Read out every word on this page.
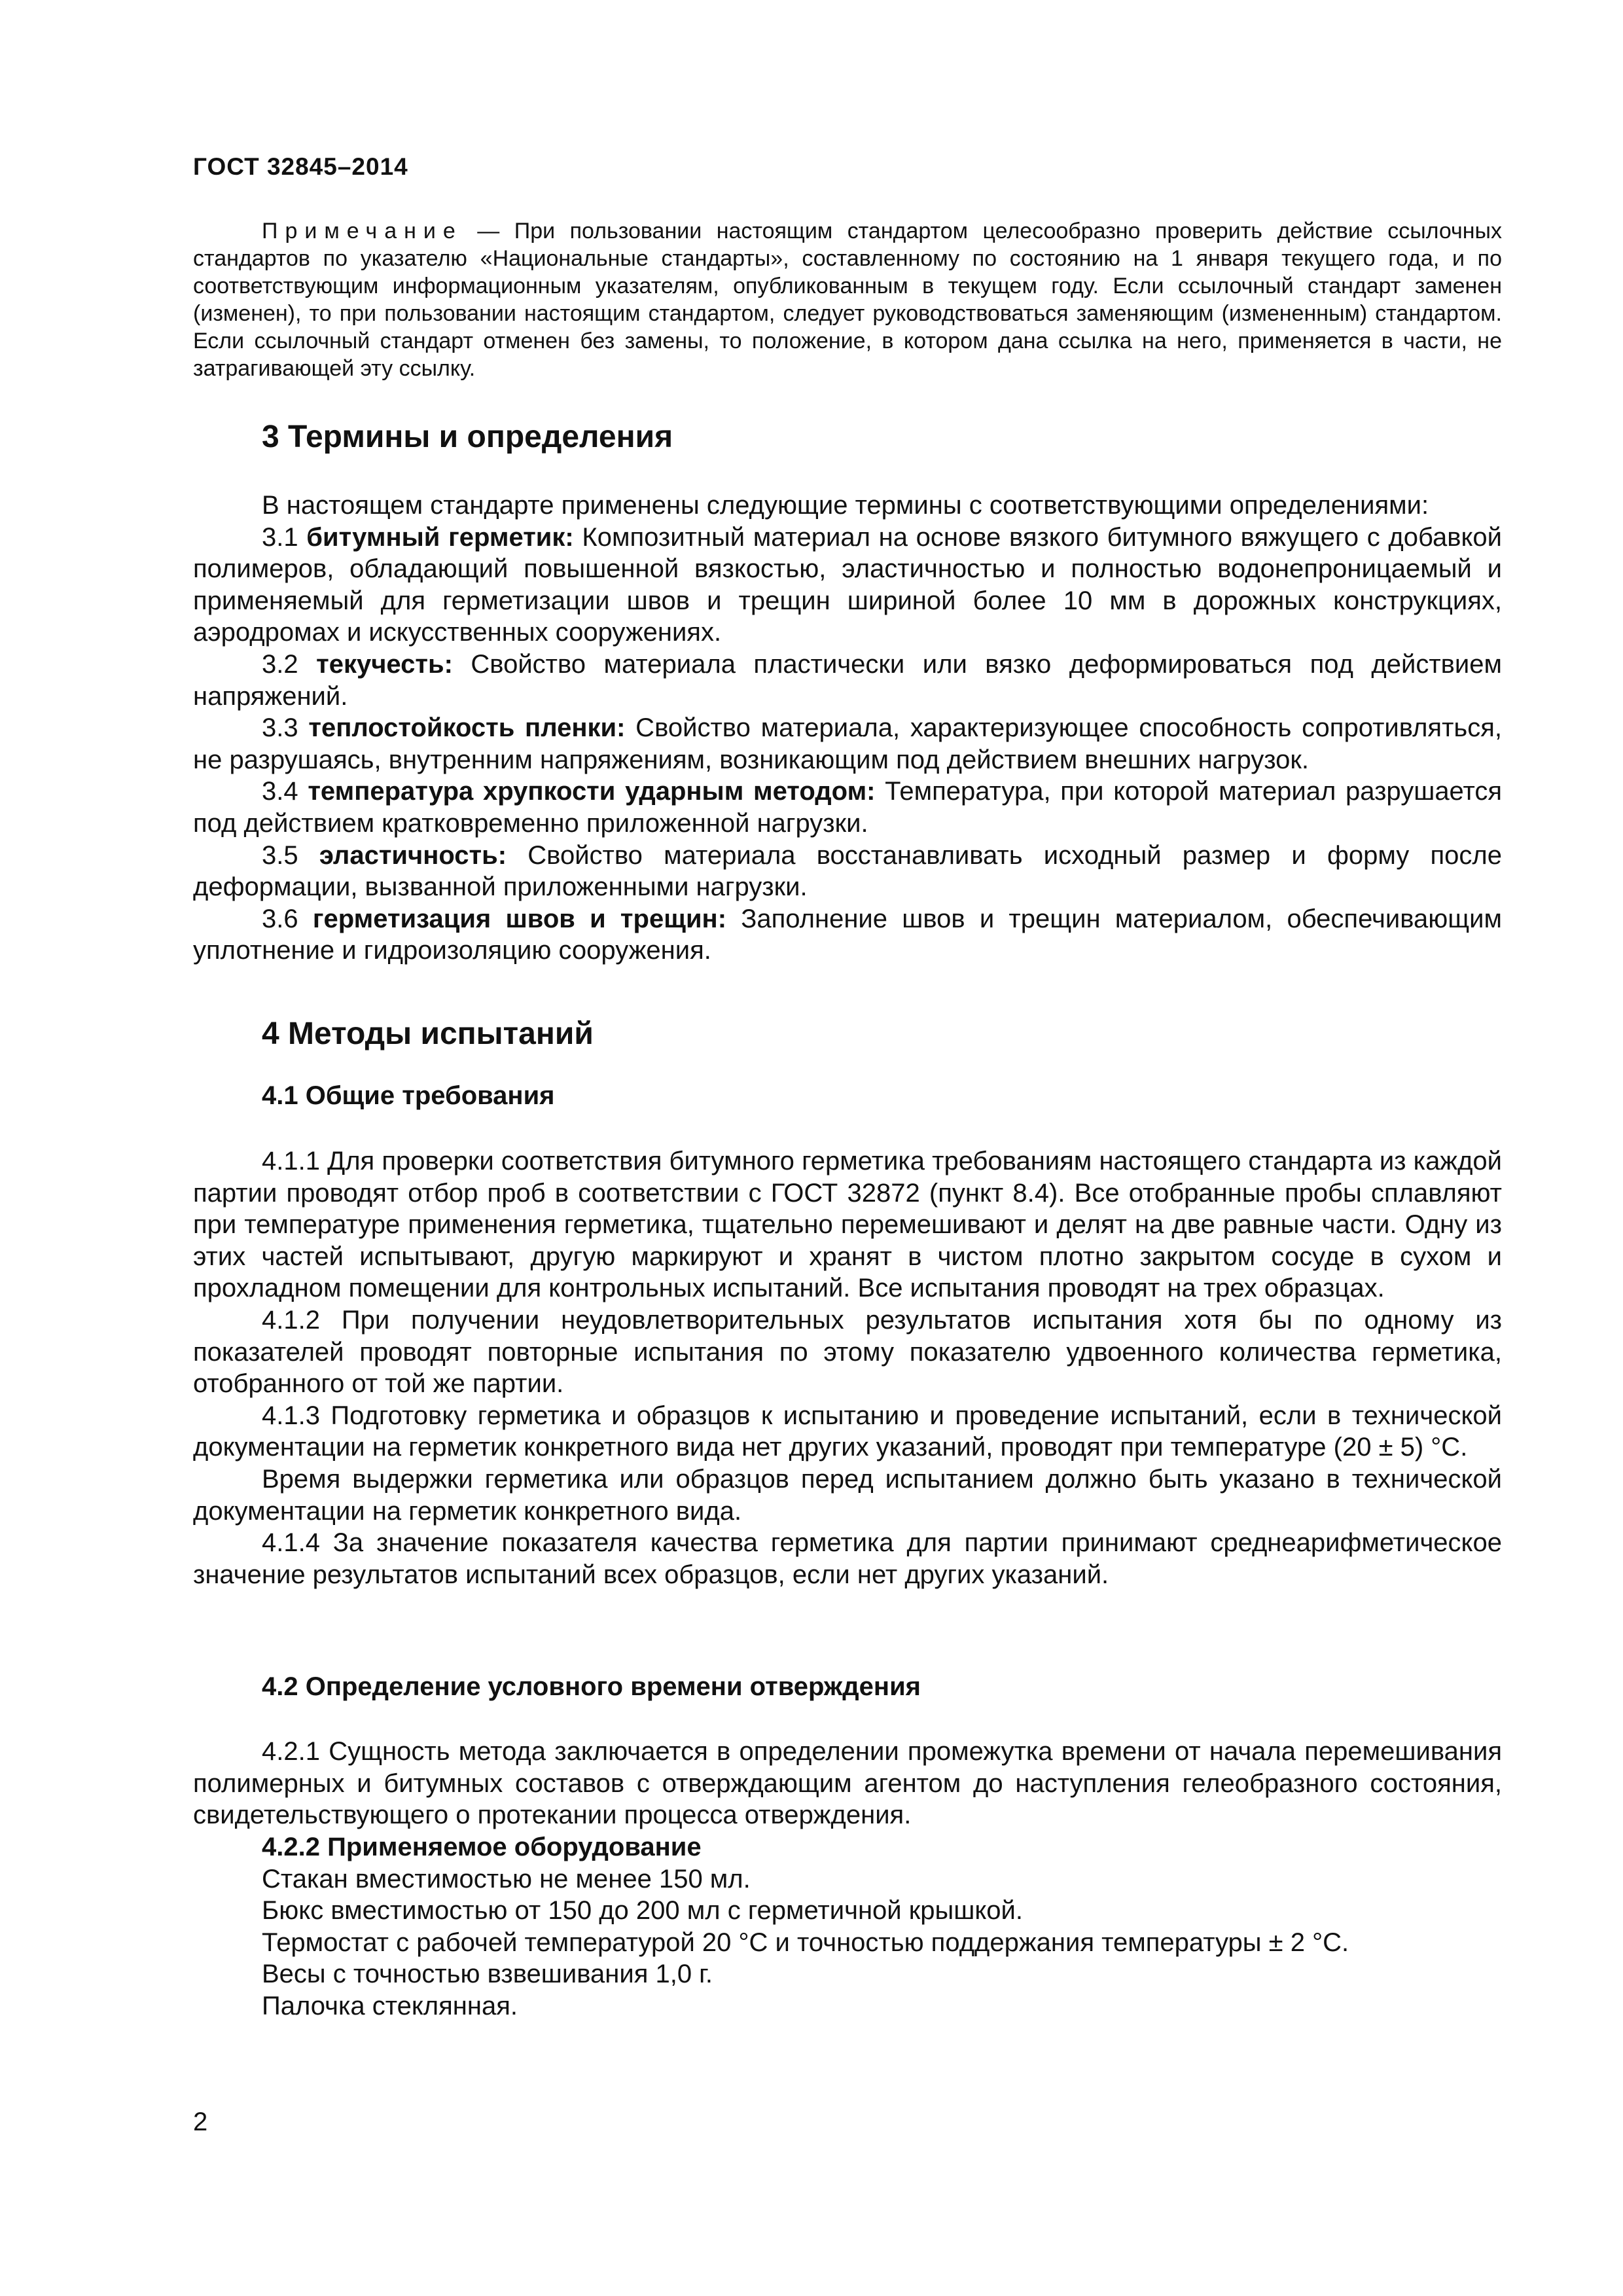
ГОСТ 32845–2014

Примечание — При пользовании настоящим стандартом целесообразно проверить действие ссылочных стандартов по указателю «Национальные стандарты», составленному по состоянию на 1 января текущего года, и по соответствующим информационным указателям, опубликованным в текущем году. Если ссылочный стандарт заменен (изменен), то при пользовании настоящим стандартом, следует руководствоваться заменяющим (измененным) стандартом. Если ссылочный стандарт отменен без замены, то положение, в котором дана ссылка на него, применяется в части, не затрагивающей эту ссылку.

3 Термины и определения

В настоящем стандарте применены следующие термины с соответствующими определениями:

3.1 битумный герметик: Композитный материал на основе вязкого битумного вяжущего с добавкой полимеров, обладающий повышенной вязкостью, эластичностью и полностью водонепроницаемый и применяемый для герметизации швов и трещин шириной более 10 мм в дорожных конструкциях, аэродромах и искусственных сооружениях.

3.2 текучесть: Свойство материала пластически или вязко деформироваться под действием напряжений.

3.3 теплостойкость пленки: Свойство материала, характеризующее способность сопротивляться, не разрушаясь, внутренним напряжениям, возникающим под действием внешних нагрузок.

3.4 температура хрупкости ударным методом: Температура, при которой материал разрушается под действием кратковременно приложенной нагрузки.

3.5 эластичность: Свойство материала восстанавливать исходный размер и форму после деформации, вызванной приложенными нагрузки.

3.6 герметизация швов и трещин: Заполнение швов и трещин материалом, обеспечивающим уплотнение и гидроизоляцию сооружения.

4 Методы испытаний
4.1 Общие требования

4.1.1 Для проверки соответствия битумного герметика требованиям настоящего стандарта из каждой партии проводят отбор проб в соответствии с ГОСТ 32872 (пункт 8.4). Все отобранные пробы сплавляют при температуре применения герметика, тщательно перемешивают и делят на две равные части. Одну из этих частей испытывают, другую маркируют и хранят в чистом плотно закрытом сосуде в сухом и прохладном помещении для контрольных испытаний. Все испытания проводят на трех образцах.

4.1.2 При получении неудовлетворительных результатов испытания хотя бы по одному из показателей проводят повторные испытания по этому показателю удвоенного количества герметика, отобранного от той же партии.

4.1.3 Подготовку герметика и образцов к испытанию и проведение испытаний, если в технической документации на герметик конкретного вида нет других указаний, проводят при температуре (20 ± 5) °С.

Время выдержки герметика или образцов перед испытанием должно быть указано в технической документации на герметик конкретного вида.

4.1.4 За значение показателя качества герметика для партии принимают среднеарифметическое значение результатов испытаний всех образцов, если нет других указаний.

4.2 Определение условного времени отверждения

4.2.1 Сущность метода заключается в определении промежутка времени от начала перемешивания полимерных и битумных составов с отверждающим агентом до наступления гелеобразного состояния, свидетельствующего о протекании процесса отверждения.

4.2.2 Применяемое оборудование
Стакан вместимостью не менее 150 мл.
Бюкс вместимостью от 150 до 200 мл с герметичной крышкой.
Термостат с рабочей температурой 20 °С и точностью поддержания температуры ± 2 °С.
Весы с точностью взвешивания 1,0 г.
Палочка стеклянная.
2
